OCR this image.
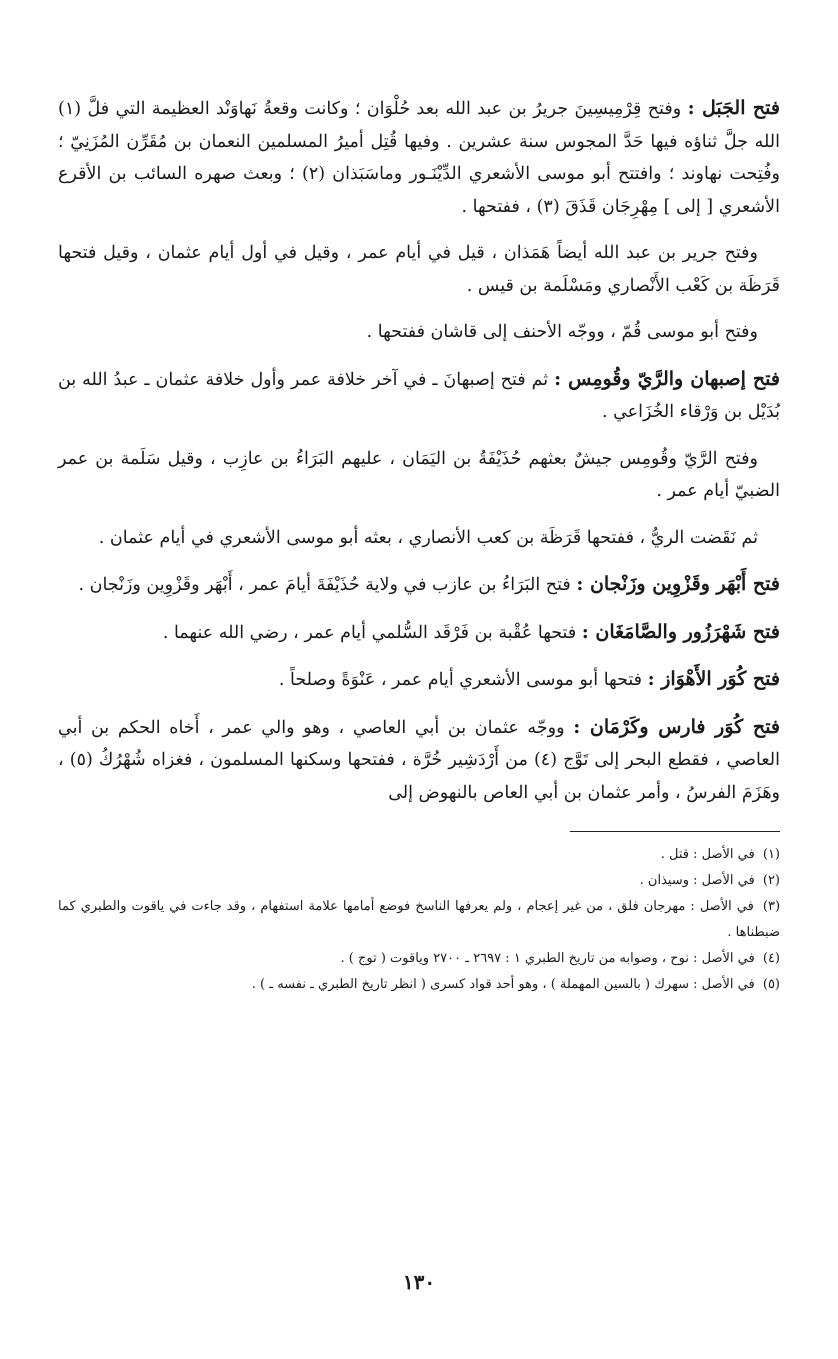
فتح الجَبَل : وفتح قِرْمِيسِينَ جريرُ بن عبد الله بعد حُلْوَان ؛ وكانت وقعةُ نَهاوَنْد العظيمة التي فلَّ (١) الله جلَّ ثناؤه فيها حَدَّ المجوس سنة عشرين . وفيها قُتِل أميرُ المسلمين النعمان بن مُقَرِّن المُزَنِيّ ؛ وفُتِحت نهاوند ؛ وافتتح أبو موسى الأشعري الدِّيْنَـور وماسَبَذان (٢) ؛ وبعث صهره السائب بن الأقرع الأشعري [ إلى ] مِهْرِجَان قَذَقَ (٣) ، ففتحها .

وفتح جرير بن عبد الله أيضاً هَمَذان ، قيل في أيام عمر ، وقيل في أول أيام عثمان ، وقيل فتحها قَرَظَة بن كَعْب الأَنْصاري ومَسْلَمة بن قيس .

وفتح أبو موسى قُمّ ، ووجّه الأحنف إلى قاشان ففتحها .

فتح إصبهان والرَّيّ وقُومِس : ثم فتح إصبهانَ ـ في آخر خلافة عمر وأول خلافة عثمان ـ عبدُ الله بن بُدَيْل بن وَرْقاء الخُزَاعي .

وفتح الرَّيّ وقُومِس جيشٌ بعثهم حُذَيْفَةُ بن اليَمَان ، عليهم البَرَاءُ بن عازِب ، وقيل سَلَمة بن عمر الضبيّ أيام عمر .

ثم نَقَضت الريُّ ، ففتحها قَرَظَة بن كعب الأنصاري ، بعثه أبو موسى الأشعري في أيام عثمان .

فتح أَبْهَر وقَزْوِين وزَنْجان : فتح البَرَاءُ بن عازب في ولاية حُذَيْفَةَ أيامَ عمر ، أَبْهَر وقَزْوِين وزَنْجان .

فتح شَهْرَزُور والصَّامَغَان : فتحها عُقْبة بن فَرْقَد السُّلمي أيام عمر ، رضي الله عنهما .

فتح كُوَر الأَهْوَاز : فتحها أبو موسى الأشعري أيام عمر ، عَنْوَةً وصلحاً .

فتح كُوَر فارس وكَرْمَان : ووجّه عثمان بن أبي العاصي ، وهو والي عمر ، أَخاه الحكم بن أبي العاصي ، فقطع البحر إلى تَوَّج (٤) من أَرْدَشِير خُرَّة ، ففتحها وسكنها المسلمون ، فغزاه شُهْرُكُ (٥) ، وهَزَمَ الفرسُ ، وأمر عثمان بن أبي العاص بالنهوض إلى

(١) في الأصل : قتل .

(٢) في الأصل : وسيذان .

(٣) في الأصل : مهرجان فلق ، من غير إعجام ، ولم يعرفها الناسخ فوضع أمامها علامة استفهام ، وقد جاءت في ياقوت والطبري كما ضبطناها .

(٤) في الأصل : نوح ، وصوابه من تاريخ الطبري ١ : ٢٦٩٧ ـ ٢٧٠٠ وياقوت ( توج ) .

(٥) في الأصل : سهرك ( بالسين المهملة ) ، وهو أحد قواد كسرى ( انظر تاريخ الطبري ـ نفسه ـ ) .

١٣٠
